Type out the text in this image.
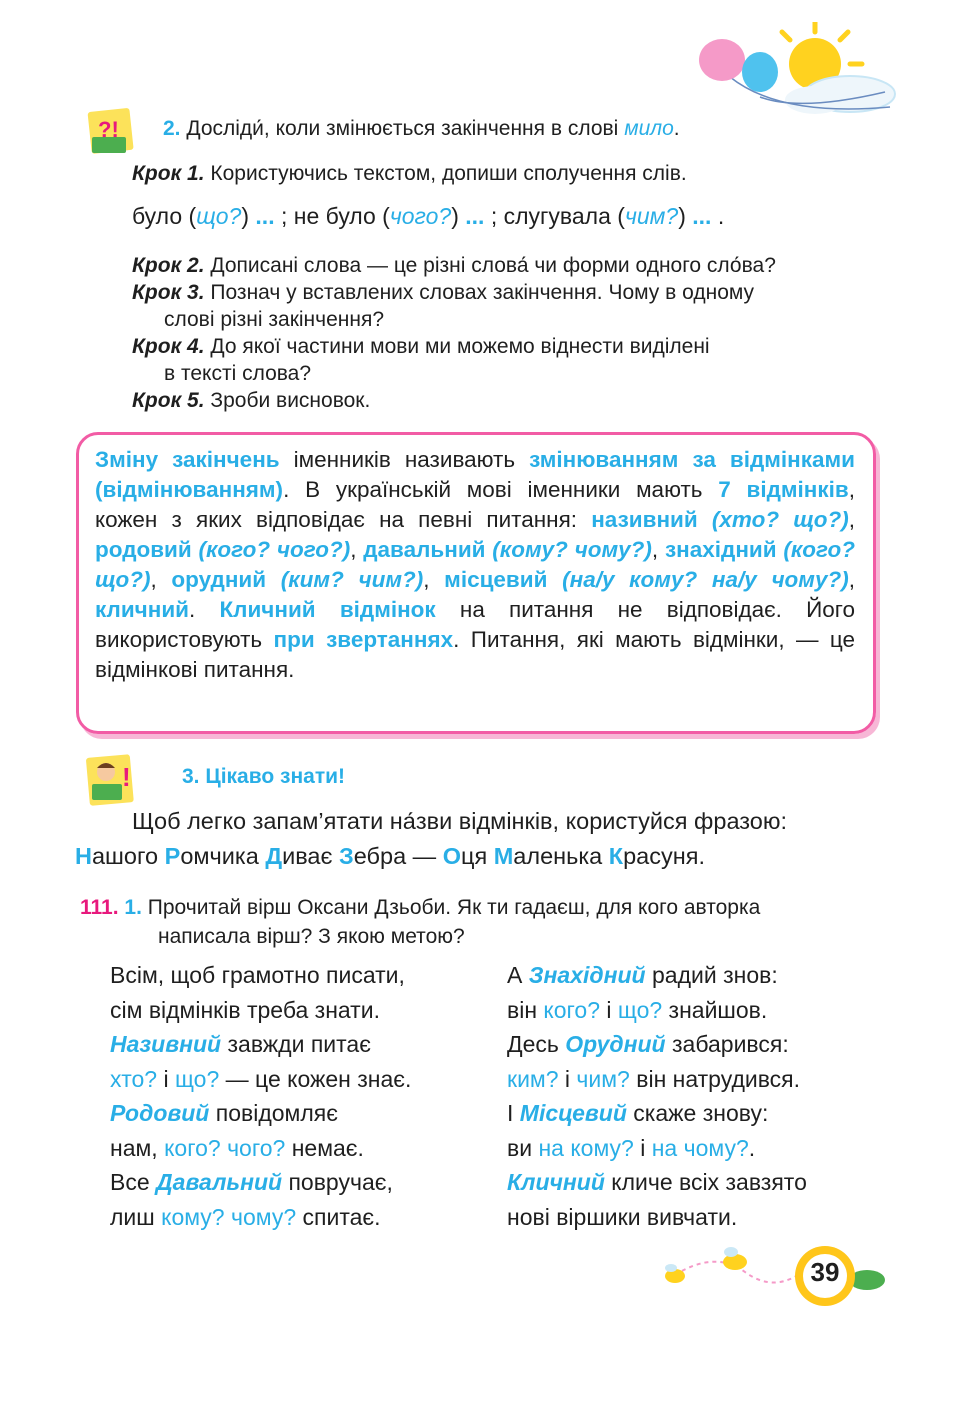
?! 2. Досліди́, коли змінюється закінчення в слові мило.
Крок 1. Користуючись текстом, допиши сполучення слів.
було (що?) ... ; не було (чого?) ... ; слугувала (чим?) ... .
Крок 2. Дописані слова — це різні слова́ чи форми одного сло́ва?
Крок 3. Познач у вставлених словах закінчення. Чому в одному
слові різні закінчення?
Крок 4. До якої частини мови ми можемо віднести виділені
в тексті слова?
Крок 5. Зроби висновок.
Зміну закінчень іменників називають змінюванням за відмінками (відмінюванням). В українській мові іменники мають 7 відмінків, кожен з яких відповідає на певні питання: називний (хто? що?), родовий (кого? чого?), давальний (кому? чому?), знахідний (кого? що?), орудний (ким? чим?), місцевий (на/у кому? на/у чому?), кличний. Кличний відмінок на питання не відповідає. Його використовують при звертаннях. Питання, які мають відмінки, — це відмінкові питання.
! 3. Цікаво знати!
Щоб легко запам’ятати на́зви відмінків, користуйся фразою:
Нашого Ромчика Диває Зебра — Оця Маленька Красуня.
111. 1. Прочитай вірш Оксани Дзьоби. Як ти гадаєш, для кого авторка
написала вірш? З якою метою?
Всім, щоб грамотно писати,
сім відмінків треба знати.
Називний завжди питає
хто? і що? — це кожен знає.
Родовий повідомляє
нам, кого? чого? немає.
Все Давальний повручає,
лиш кому? чому? спитає.
А Знахідний радий знов:
він кого? і що? знайшов.
Десь Орудний забарився:
ким? і чим? він натрудився.
І Місцевий скаже знову:
ви на кому? і на чому?.
Кличний кличе всіх завзято
нові віршики вивчати.
39
